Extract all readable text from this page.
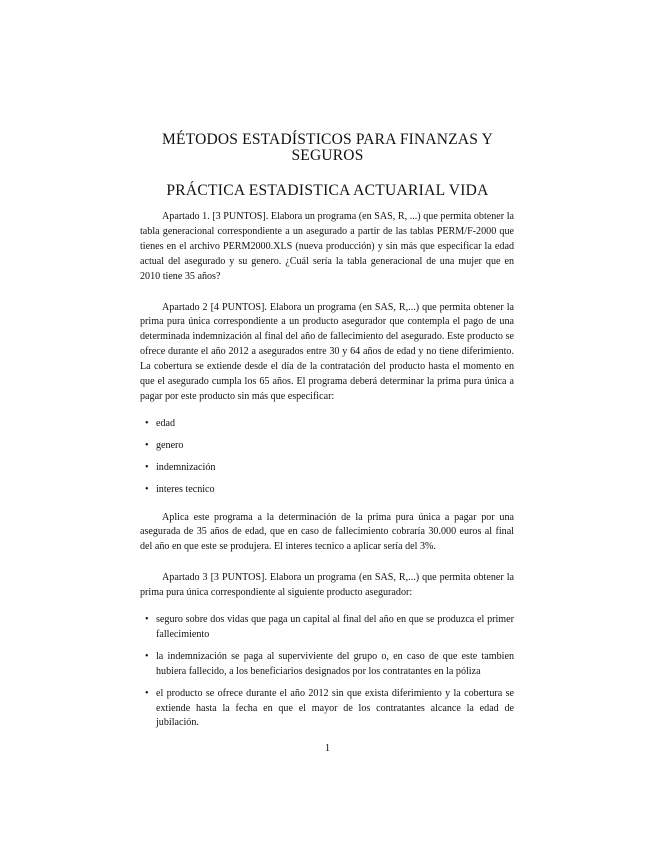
MÉTODOS ESTADÍSTICOS PARA FINANZAS Y

SEGUROS

PRÁCTICA ESTADISTICA ACTUARIAL VIDA

Apartado 1. [3 PUNTOS]. Elabora un programa (en SAS, R, ...) que permita obtener la tabla generacional correspondiente a un asegurado a partir de las tablas PERM/F-2000 que tienes en el archivo PERM2000.XLS (nueva producción) y sin más que especificar la edad actual del asegurado y su genero. ¿Cuál sería la tabla generacional de una mujer que en 2010 tiene 35 años?

Apartado 2 [4 PUNTOS]. Elabora un programa (en SAS, R,...) que permita obtener la prima pura única correspondiente a un producto asegurador que contempla el pago de una determinada indemnización al final del año de fallecimiento del asegurado. Este producto se ofrece durante el año 2012 a asegurados entre 30 y 64 años de edad y no tiene diferimiento. La cobertura se extiende desde el día de la contratación del producto hasta el momento en que el asegurado cumpla los 65 años. El programa deberá determinar la prima pura única a pagar por este producto sin más que especificar:

• edad
• genero
• indemnización
• interes tecnico

Aplica este programa a la determinación de la prima pura única a pagar por una asegurada de 35 años de edad, que en caso de fallecimiento cobraría 30.000 euros al final del año en que este se produjera. El interes tecnico a aplicar sería del 3%.

Apartado 3 [3 PUNTOS]. Elabora un programa (en SAS, R,...) que permita obtener la prima pura única correspondiente al siguiente producto asegurador:

• seguro sobre dos vidas que paga un capital al final del año en que se produzca el primer fallecimiento
• la indemnización se paga al superviviente del grupo o, en caso de que este tambien hubiera fallecido, a los beneficiarios designados por los contratantes en la póliza
• el producto se ofrece durante el año 2012 sin que exista diferimiento y la cobertura se extiende hasta la fecha en que el mayor de los contratantes alcance la edad de jubilación.
1
